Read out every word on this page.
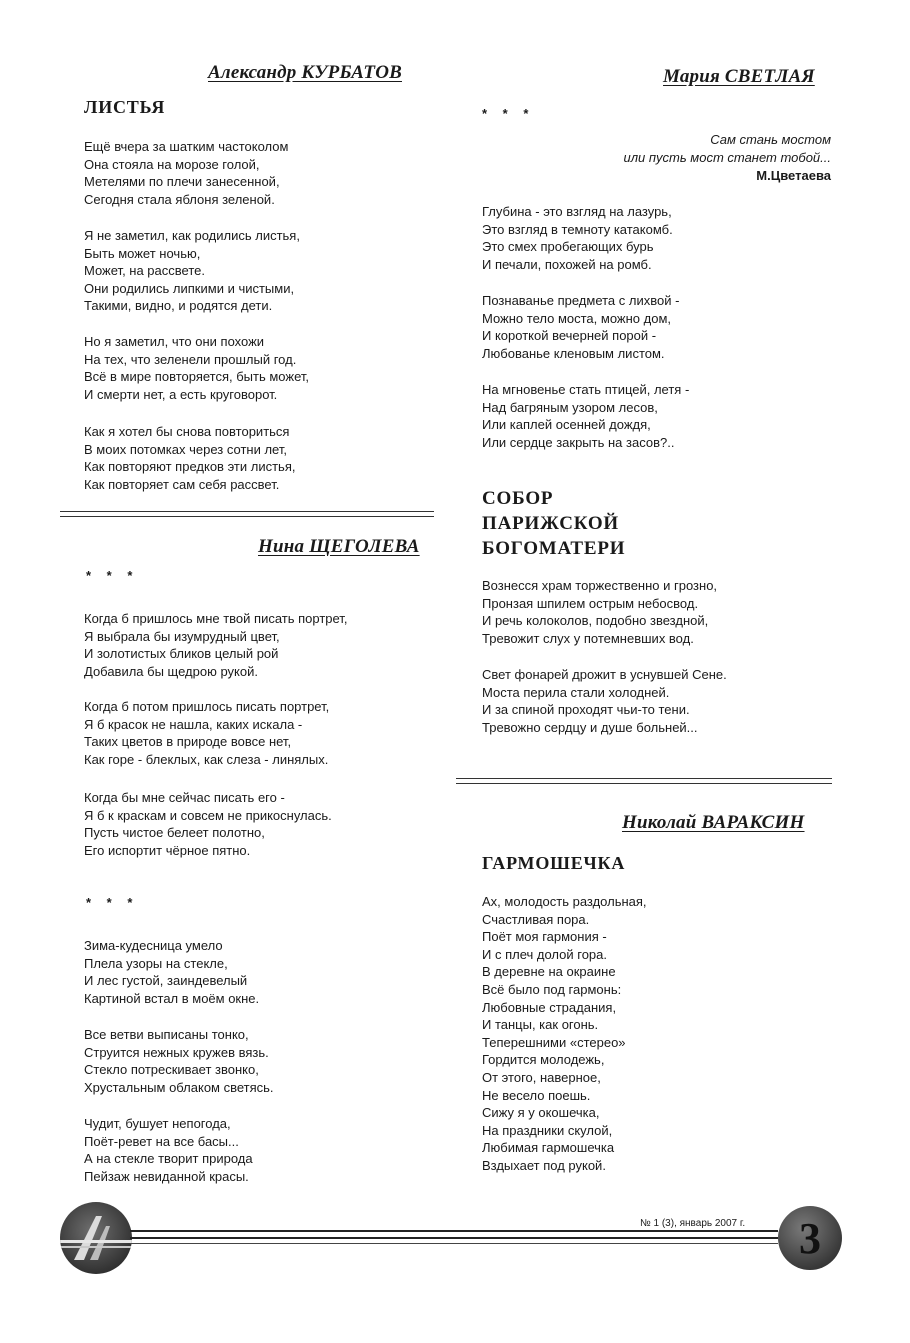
Александр КУРБАТОВ
ЛИСТЬЯ
Ещё вчера за шатким частоколом
Она стояла на морозе голой,
Метелями по плечи занесенной,
Сегодня стала яблоня зеленой.
Я не заметил, как родились листья,
Быть может ночью,
Может, на рассвете.
Они родились липкими и чистыми,
Такими, видно, и родятся дети.
Но я заметил, что они похожи
На тех, что зеленели прошлый год.
Всё в мире повторяется, быть может,
И смерти нет, а есть круговорот.
Как я хотел бы снова повториться
В моих потомках через сотни лет,
Как повторяют предков эти листья,
Как повторяет сам себя рассвет.
Нина ЩЕГОЛЕВА
* * *
Когда б пришлось мне твой писать портрет,
Я выбрала бы изумрудный цвет,
И золотистых бликов целый рой
Добавила бы щедрою рукой.
Когда б потом пришлось писать портрет,
Я б красок не нашла, каких искала -
Таких цветов в природе вовсе нет,
Как горе - блеклых, как слеза - линялых.
Когда бы мне сейчас писать его -
Я б к краскам и совсем не прикоснулась.
Пусть чистое белеет полотно,
Его испортит чёрное пятно.
* * *
Зима-кудесница умело
Плела узоры на стекле,
И лес густой, заиндевелый
Картиной встал в моём окне.
Все ветви выписаны тонко,
Струится нежных кружев вязь.
Стекло потрескивает звонко,
Хрустальным облаком светясь.
Чудит, бушует непогода,
Поёт-ревет на все басы...
А на стекле творит природа
Пейзаж невиданной красы.
Мария СВЕТЛАЯ
* * *
Сам стань мостом
или пусть мост станет тобой...
М.Цветаева
Глубина - это взгляд на лазурь,
Это взгляд в темноту катакомб.
Это смех пробегающих бурь
И печали, похожей на ромб.
Познаванье предмета с лихвой -
Можно тело моста, можно дом,
И короткой вечерней порой -
Любованье кленовым листом.
На мгновенье стать птицей, летя -
Над багряным узором лесов,
Или каплей осенней дождя,
Или сердце закрыть на засов?..
СОБОР
ПАРИЖСКОЙ
БОГОМАТЕРИ
Вознесся храм торжественно и грозно,
Пронзая шпилем острым небосвод.
И речь колоколов, подобно звездной,
Тревожит слух у потемневших вод.
Свет фонарей дрожит в уснувшей Сене.
Моста перила стали холодней.
И за спиной проходят чьи-то тени.
Тревожно сердцу и душе больней...
Николай ВАРАКСИН
ГАРМОШЕЧКА
Ах, молодость раздольная,
Счастливая пора.
Поёт моя гармония -
И с плеч долой гора.
В деревне на окраине
Всё было под гармонь:
Любовные страдания,
И танцы, как огонь.
Теперешними «стерео»
Гордится молодежь,
От этого, наверное,
Не весело поешь.
Сижу я у окошечка,
На праздники скулой,
Любимая гармошечка
Вздыхает под рукой.
№ 1 (3), январь 2007 г. 3
